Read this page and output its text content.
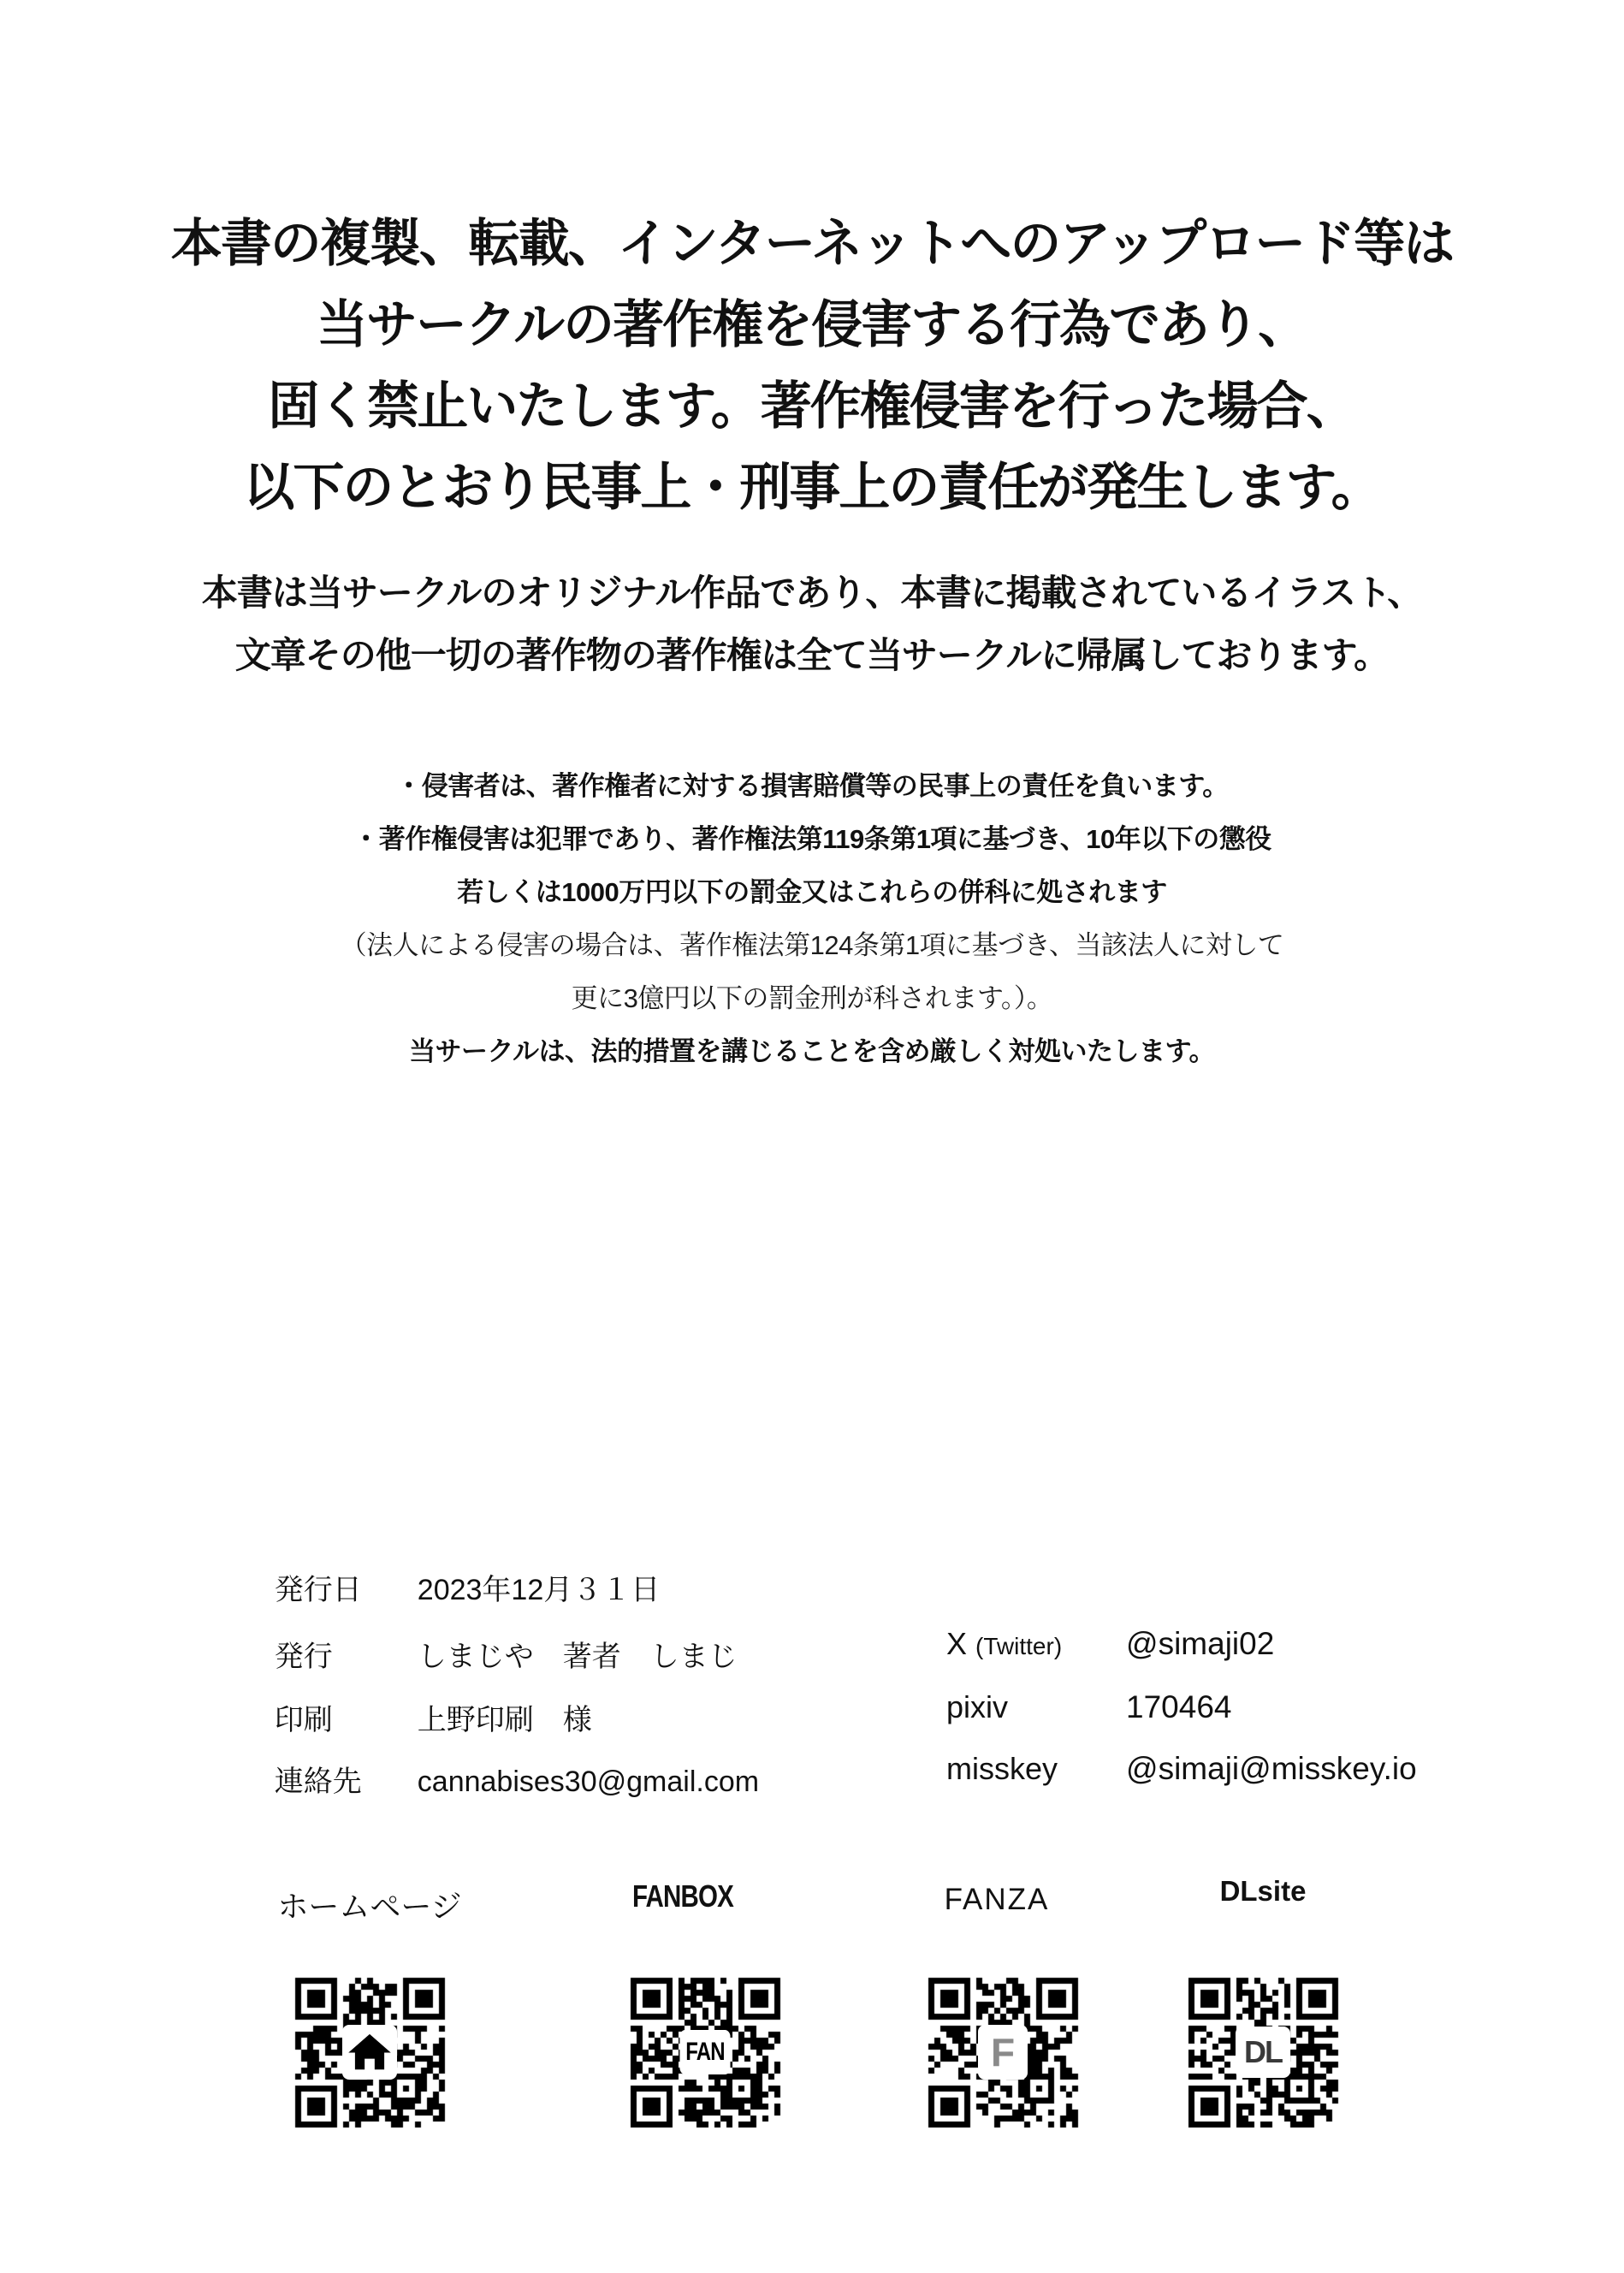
本書の複製、転載、インターネットへのアップロード等は
当サークルの著作権を侵害する行為であり、
固く禁止いたします。著作権侵害を行った場合、
以下のとおり民事上・刑事上の責任が発生します。
本書は当サークルのオリジナル作品であり、本書に掲載されているイラスト、
文章その他一切の著作物の著作権は全て当サークルに帰属しております。
・侵害者は、著作権者に対する損害賠償等の民事上の責任を負います。
・著作権侵害は犯罪であり、著作権法第119条第1項に基づき、10年以下の懲役
若しくは1000万円以下の罰金又はこれらの併科に処されます
（法人による侵害の場合は、著作権法第124条第1項に基づき、当該法人に対して
更に3億円以下の罰金刑が科されます。）。
当サークルは、法的措置を講じることを含め厳しく対処いたします。

発行日 2023年12月３１日

発行	しまじや　著者　しまじ

印刷	上野印刷　様

連絡先 cannabises30@gmail.com

X (Twitter) @simaji02

pixiv	170464

misskey @simaji@misskey.io

ホームページ	FANBOX	FANZA	DLsite
FAN	F	DL
